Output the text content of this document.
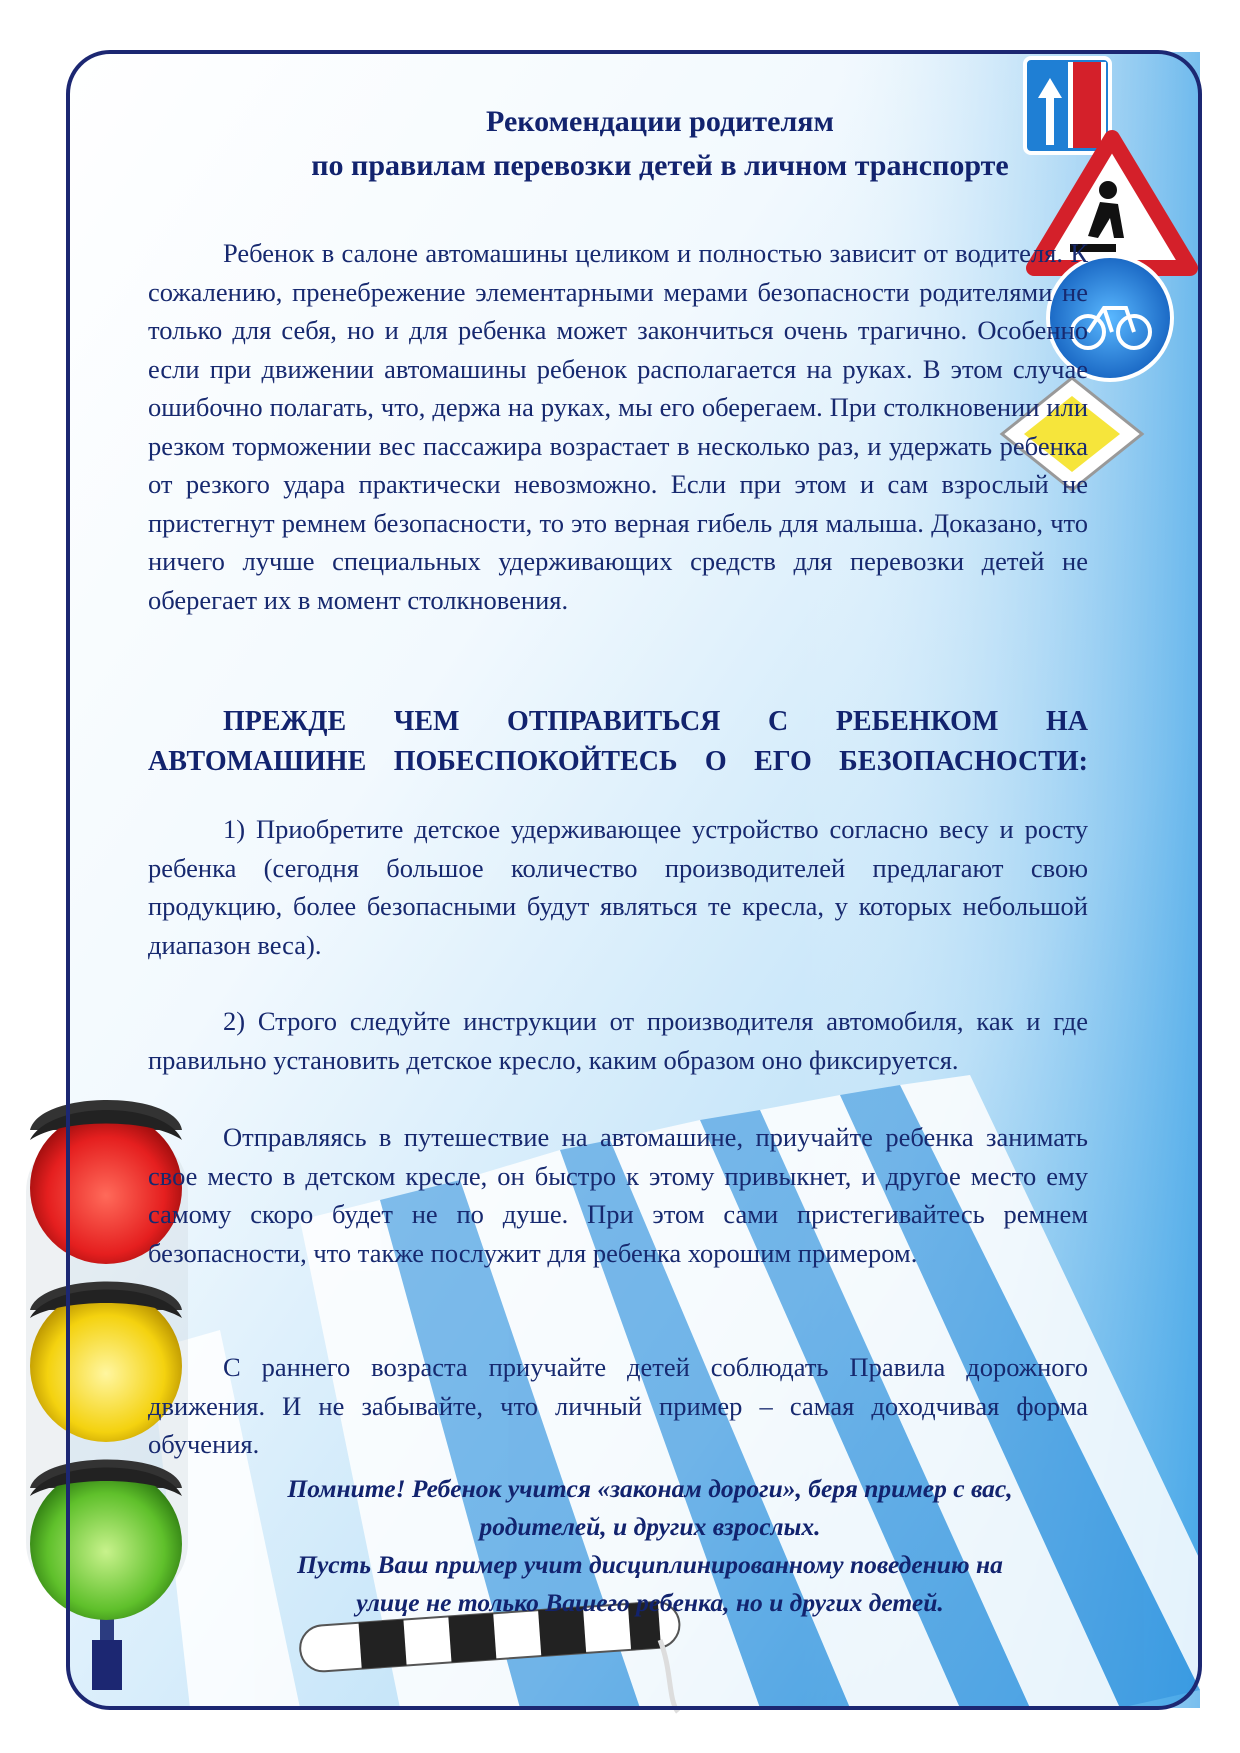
Рекомендации родителям
по правилам перевозки детей в личном транспорте

Ребенок в салоне автомашины целиком и полностью зависит от водителя. К сожалению, пренебрежение элементарными мерами безопасности родителями не только для себя, но и для ребенка может закончиться очень трагично. Особенно если при движении автомашины ребенок располагается на руках. В этом случае ошибочно полагать, что, держа на руках, мы его оберегаем. При столкновении или резком торможении вес пассажира возрастает в несколько раз, и удержать ребенка от резкого удара практически невозможно. Если при этом и сам взрослый не пристегнут ремнем безопасности, то это верная гибель для малыша. Доказано, что ничего лучше специальных удерживающих средств для перевозки детей не оберегает их в момент столкновения.

ПРЕЖДЕ ЧЕМ ОТПРАВИТЬСЯ С РЕБЕНКОМ НА АВТОМАШИНЕ ПОБЕСПОКОЙТЕСЬ О ЕГО БЕЗОПАСНОСТИ:

1) Приобретите детское удерживающее устройство согласно весу и росту ребенка (сегодня большое количество производителей предлагают свою продукцию, более безопасными будут являться те кресла, у которых небольшой диапазон веса).

2) Строго следуйте инструкции от производителя автомобиля, как и где правильно установить детское кресло, каким образом оно фиксируется.

Отправляясь в путешествие на автомашине, приучайте ребенка занимать свое место в детском кресле, он быстро к этому привыкнет, и другое место ему самому скоро будет не по душе. При этом сами пристегивайтесь ремнем безопасности, что также послужит для ребенка хорошим примером.

С раннего возраста приучайте детей соблюдать Правила дорожного движения. И не забывайте, что личный пример – самая доходчивая форма обучения.

Помните! Ребенок учится «законам дороги», беря пример с вас,

родителей, и других взрослых.

Пусть Ваш пример учит дисциплинированному поведению на

улице не только Вашего ребенка, но и других детей.
